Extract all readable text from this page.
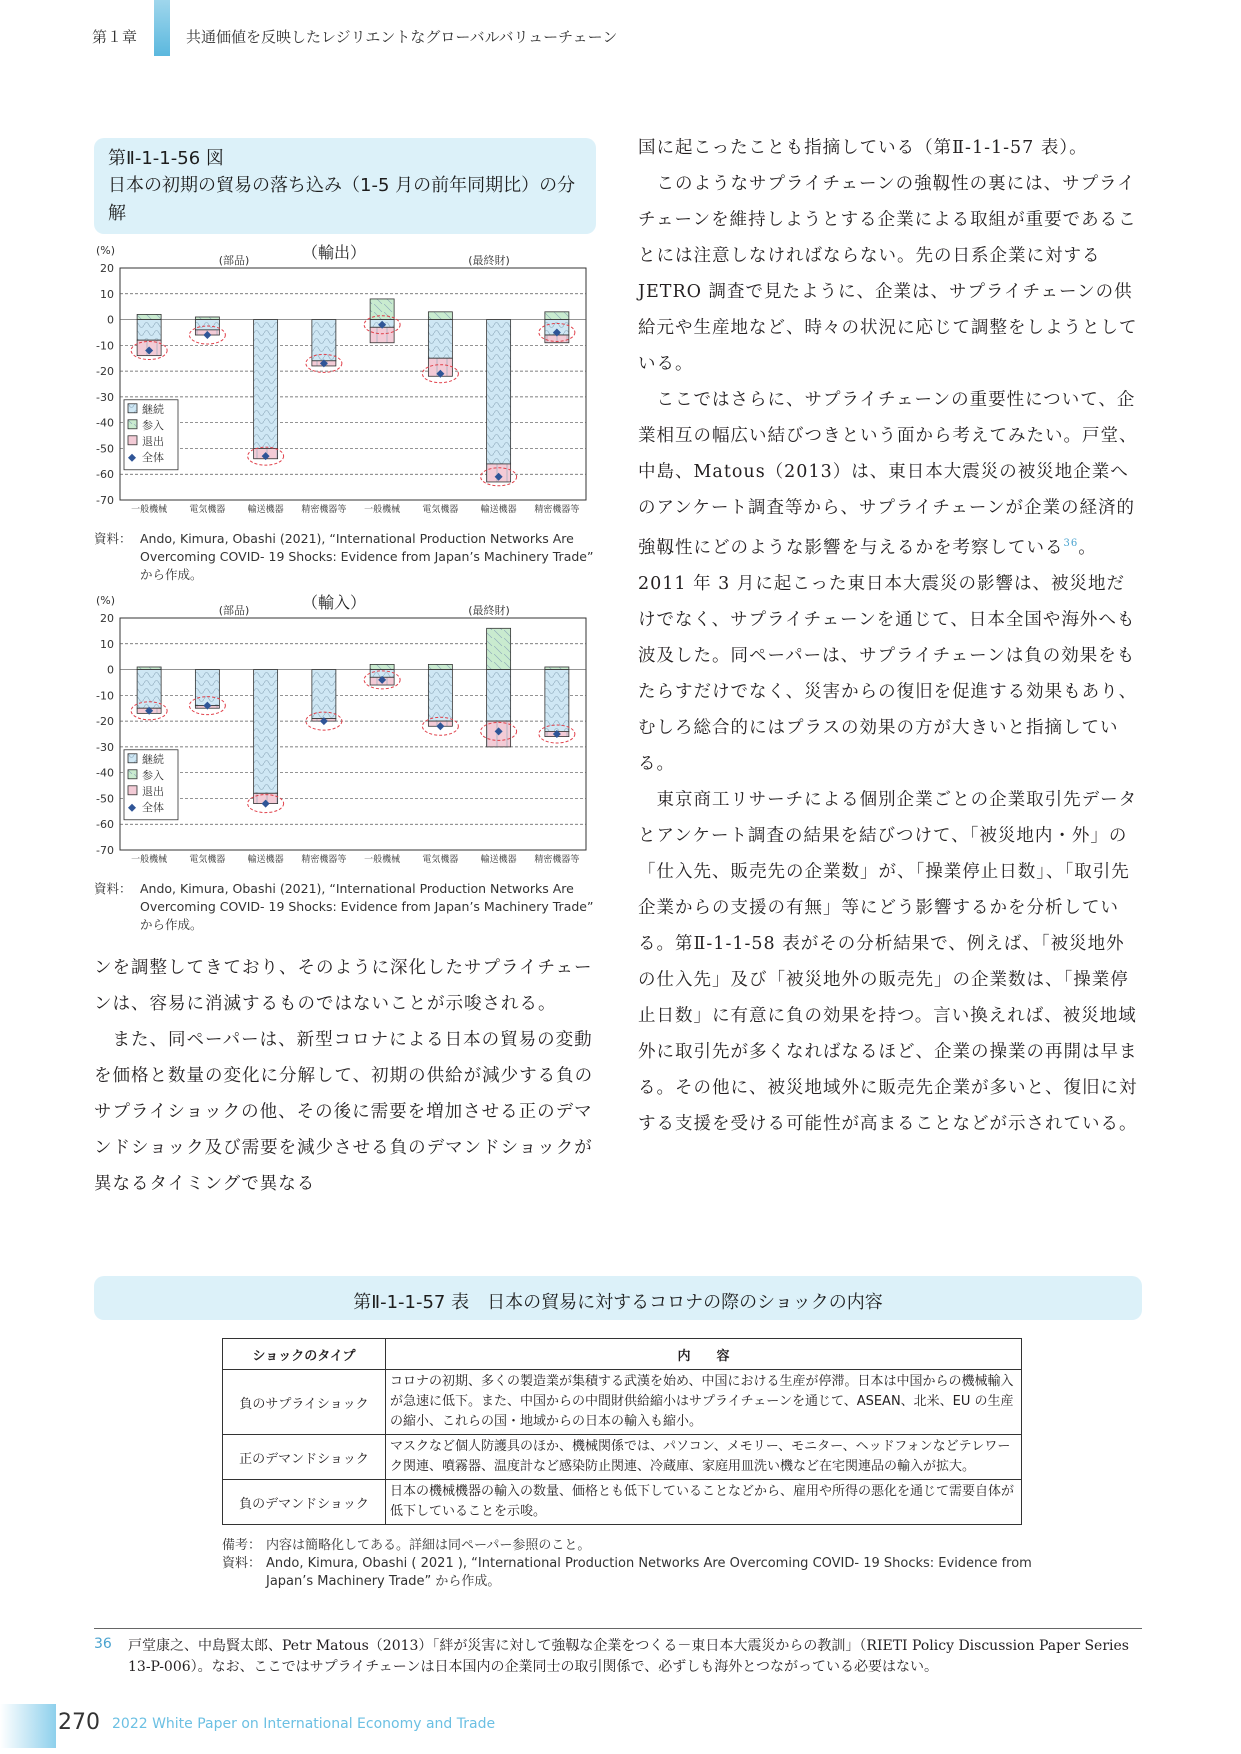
第１章	共通価値を反映したレジリエントなグローバルバリューチェーン
第Ⅱ-1-1-56 図
日本の初期の貿易の落ち込み（1-5 月の前年同期比）の分解
20
10
0
-10
-20
-30
-40
-50
-60
-70
(%)	（輸出）
(部品)	(最終財)
一般機械 電気機器 輸送機器 精密機器等 一般機械 電気機器 輸送機器 精密機器等
継続
参入
退出
全体
資料： Ando, Kimura, Obashi (2021), “International Production Networks Are Overcoming COVID- 19 Shocks: Evidence from Japan’s Machinery Trade” から作成。
20
10
0
-10
-20
-30
-40
-50
-60
-70
(%)	（輸入）
(部品)	(最終財)
一般機械 電気機器 輸送機器 精密機器等 一般機械 電気機器 輸送機器 精密機器等
継続
参入
退出
全体
資料： Ando, Kimura, Obashi (2021), “International Production Networks Are Overcoming COVID- 19 Shocks: Evidence from Japan’s Machinery Trade” から作成。
ンを調整してきており、そのように深化したサプライチェーンは、容易に消滅するものではないことが示唆される。
　また、同ペーパーは、新型コロナによる日本の貿易の変動を価格と数量の変化に分解して、初期の供給が減少する負のサプライショックの他、その後に需要を増加させる正のデマンドショック及び需要を減少させる負のデマンドショックが異なるタイミングで異なる
国に起こったことも指摘している（第Ⅱ-1-1-57 表）。
　このようなサプライチェーンの強靱性の裏には、サプライチェーンを維持しようとする企業による取組が重要であることには注意しなければならない。先の日系企業に対する JETRO 調査で見たように、企業は、サプライチェーンの供給元や生産地など、時々の状況に応じて調整をしようとしている。
　ここではさらに、サプライチェーンの重要性について、企業相互の幅広い結びつきという面から考えてみたい。戸堂、中島、Matous（2013）は、東日本大震災の被災地企業へのアンケート調査等から、サプライチェーンが企業の経済的強靱性にどのような影響を与えるかを考察している$^{36}$。2011 年 3 月に起こった東日本大震災の影響は、被災地だけでなく、サプライチェーンを通じて、日本全国や海外へも波及した。同ペーパーは、サプライチェーンは負の効果をもたらすだけでなく、災害からの復旧を促進する効果もあり、むしろ総合的にはプラスの効果の方が大きいと指摘している。
　東京商工リサーチによる個別企業ごとの企業取引先データとアンケート調査の結果を結びつけて、「被災地内・外」の「仕入先、販売先の企業数」が、「操業停止日数」、「取引先企業からの支援の有無」等にどう影響するかを分析している。第Ⅱ-1-1-58 表がその分析結果で、例えば、「被災地外の仕入先」及び「被災地外の販売先」の企業数は、「操業停止日数」に有意に負の効果を持つ。言い換えれば、被災地域外に取引先が多くなればなるほど、企業の操業の再開は早まる。その他に、被災地域外に販売先企業が多いと、復旧に対する支援を受ける可能性が高まることなどが示されている。
第Ⅱ-1-1-57 表　日本の貿易に対するコロナの際のショックの内容
ショックのタイプ	内　　容
負のサプライショック	コロナの初期、多くの製造業が集積する武漢を始め、中国における生産が停滞。日本は中国からの機械輸入が急速に低下。また、中国からの中間財供給縮小はサプライチェーンを通じて、ASEAN、北米、EU の生産の縮小、これらの国・地域からの日本の輸入も縮小。
正のデマンドショック	マスクなど個人防護具のほか、機械関係では、パソコン、メモリー、モニター、ヘッドフォンなどテレワーク関連、噴霧器、温度計など感染防止関連、冷蔵庫、家庭用皿洗い機など在宅関連品の輸入が拡大。
負のデマンドショック	日本の機械機器の輸入の数量、価格とも低下していることなどから、雇用や所得の悪化を通じて需要自体が低下していることを示唆。
備考： 内容は簡略化してある。詳細は同ペーパー参照のこと。
資料： Ando, Kimura, Obashi ( 2021 ), “International Production Networks Are Overcoming COVID- 19 Shocks: Evidence from Japan’s Machinery Trade” から作成。
36 戸堂康之、中島賢太郎、Petr Matous（2013）「絆が災害に対して強靱な企業をつくる－東日本大震災からの教訓」（RIETI Policy Discussion Paper Series 13-P-006）。なお、ここではサプライチェーンは日本国内の企業同士の取引関係で、必ずしも海外とつながっている必要はない。
270 2022 White Paper on International Economy and Trade
